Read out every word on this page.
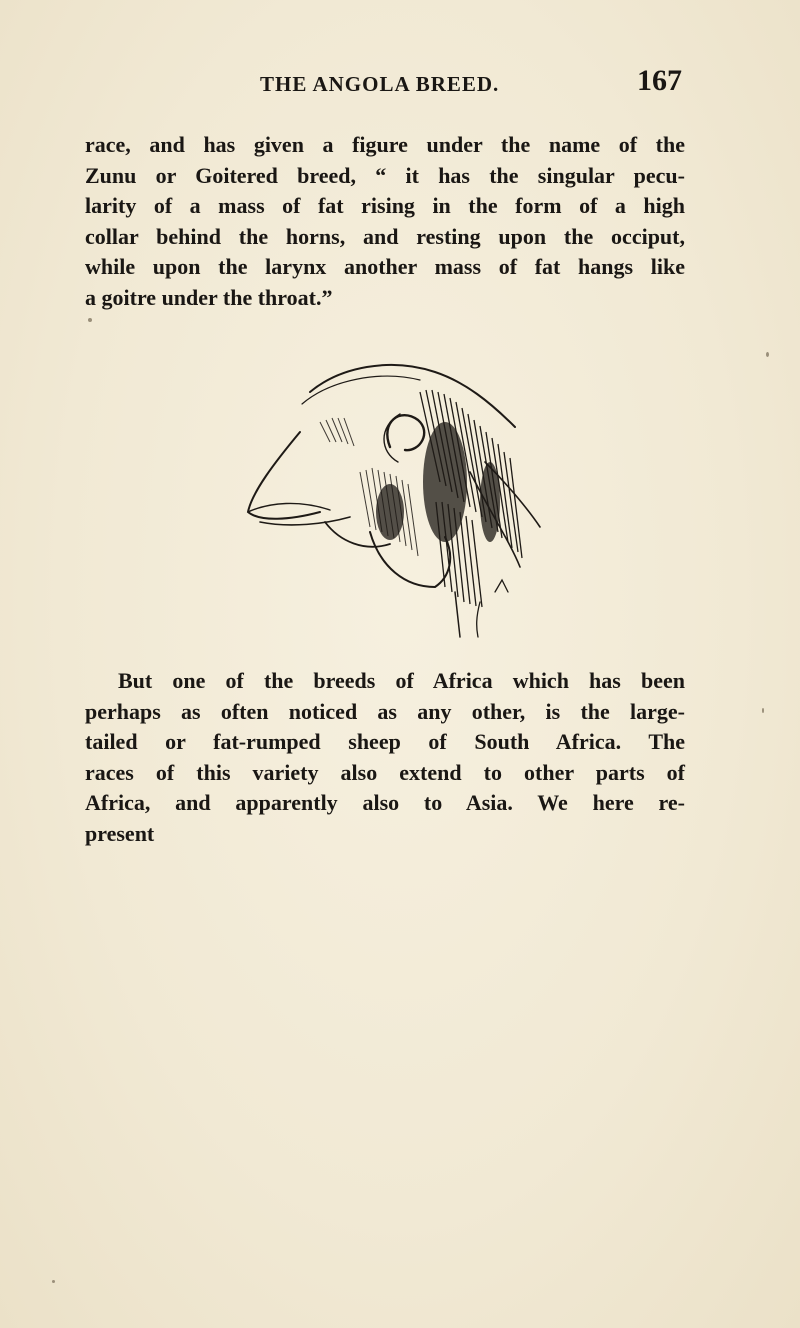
THE ANGOLA BREED.	167

race, and has given a figure under the name of the
Zunu or Goitered breed, “ it has the singular pecu-
larity of a mass of fat rising in the form of a high
collar behind the horns, and resting upon the occiput,
while upon the larynx another mass of fat hangs like
a goitre under the throat.”

But one of the breeds of Africa which has been
perhaps as often noticed as any other, is the large-
tailed or fat-rumped sheep of South Africa. The
races of this variety also extend to other parts of
Africa, and apparently also to Asia. We here re-
present
